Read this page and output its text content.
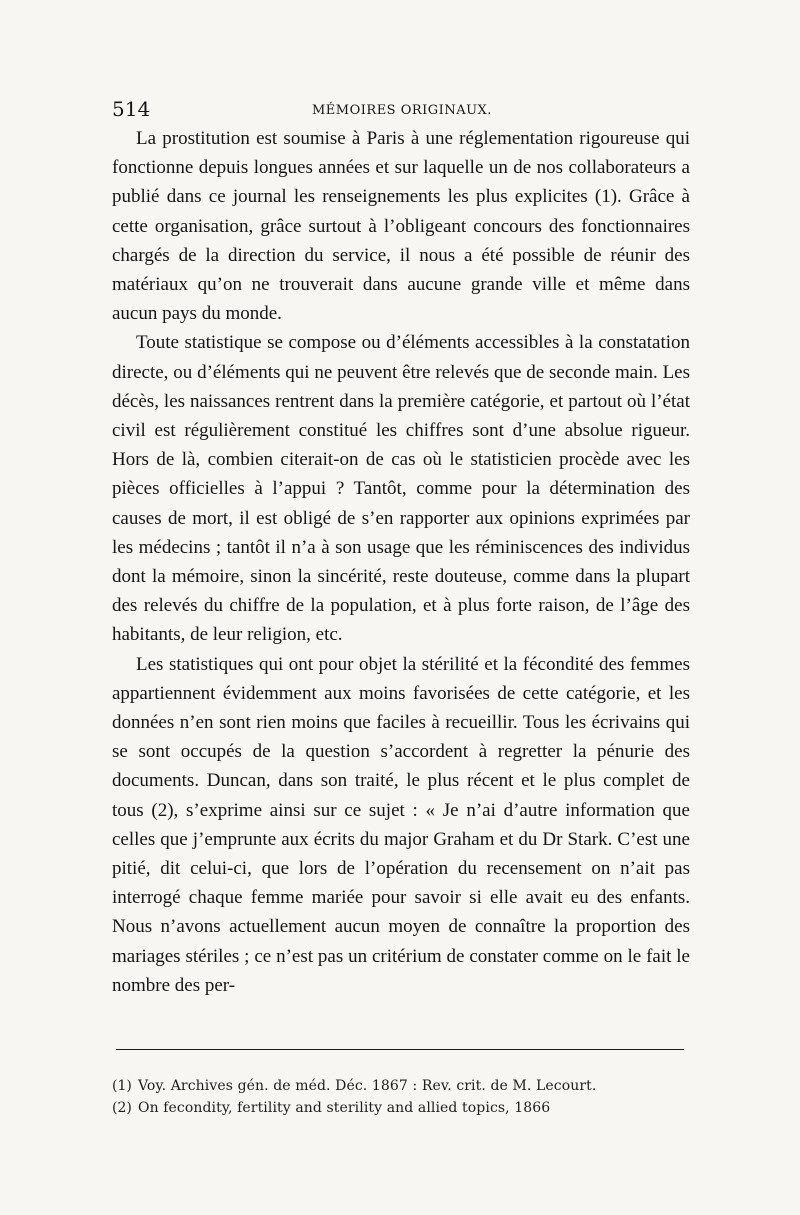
514	MÉMOIRES ORIGINAUX.

La prostitution est soumise à Paris à une réglementation rigoureuse qui fonctionne depuis longues années et sur laquelle un de nos collaborateurs a publié dans ce journal les renseignements les plus explicites (1). Grâce à cette organisation, grâce surtout à l’obligeant concours des fonctionnaires chargés de la direction du service, il nous a été possible de réunir des matériaux qu’on ne trouverait dans aucune grande ville et même dans aucun pays du monde.

Toute statistique se compose ou d’éléments accessibles à la constatation directe, ou d’éléments qui ne peuvent être relevés que de seconde main. Les décès, les naissances rentrent dans la première catégorie, et partout où l’état civil est régulièrement constitué les chiffres sont d’une absolue rigueur. Hors de là, combien citerait-on de cas où le statisticien procède avec les pièces officielles à l’appui ? Tantôt, comme pour la détermination des causes de mort, il est obligé de s’en rapporter aux opinions exprimées par les médecins ; tantôt il n’a à son usage que les réminiscences des individus dont la mémoire, sinon la sincérité, reste douteuse, comme dans la plupart des relevés du chiffre de la population, et à plus forte raison, de l’âge des habitants, de leur religion, etc.

Les statistiques qui ont pour objet la stérilité et la fécondité des femmes appartiennent évidemment aux moins favorisées de cette catégorie, et les données n’en sont rien moins que faciles à recueillir. Tous les écrivains qui se sont occupés de la question s’accordent à regretter la pénurie des documents. Duncan, dans son traité, le plus récent et le plus complet de tous (2), s’exprime ainsi sur ce sujet : « Je n’ai d’autre information que celles que j’emprunte aux écrits du major Graham et du Dr Stark. C’est une pitié, dit celui-ci, que lors de l’opération du recensement on n’ait pas interrogé chaque femme mariée pour savoir si elle avait eu des enfants. Nous n’avons actuellement aucun moyen de connaître la proportion des mariages stériles ; ce n’est pas un critérium de constater comme on le fait le nombre des per-

(1) Voy. Archives gén. de méd. Déc. 1867 : Rev. crit. de M. Lecourt.
(2) On fecondity, fertility and sterility and allied topics, 1866
